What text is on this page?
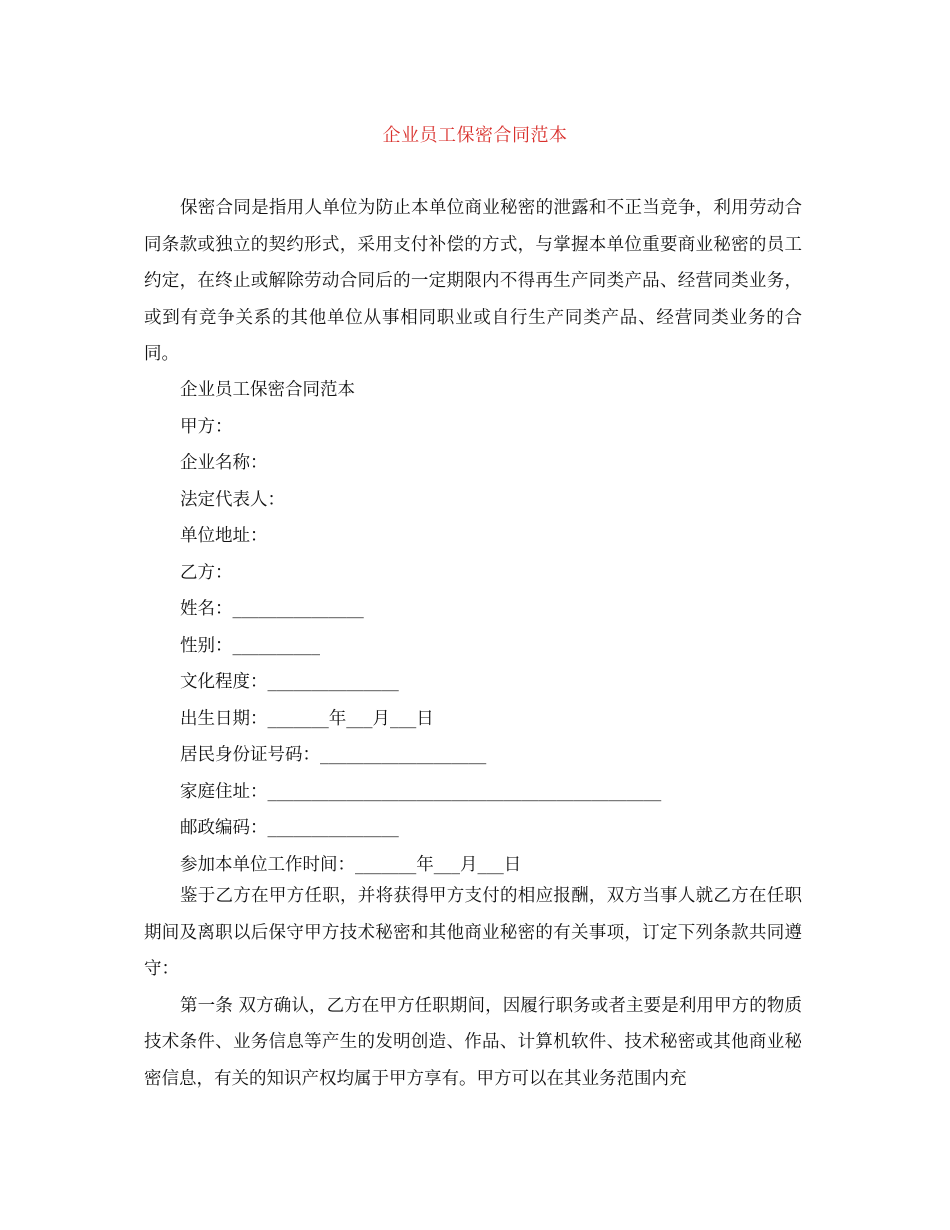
企业员工保密合同范本

保密合同是指用人单位为防止本单位商业秘密的泄露和不正当竞争，利用劳动合同条款或独立的契约形式，采用支付补偿的方式，与掌握本单位重要商业秘密的员工约定，在终止或解除劳动合同后的一定期限内不得再生产同类产品、经营同类业务，或到有竞争关系的其他单位从事相同职业或自行生产同类产品、经营同类业务的合同。

企业员工保密合同范本

甲方：

企业名称：

法定代表人：

单位地址：

乙方：

姓名：_______________

性别：__________

文化程度：_______________

出生日期：_______年___月___日

居民身份证号码：___________________

家庭住址：_____________________________________________

邮政编码：_______________

参加本单位工作时间：_______年___月___日

鉴于乙方在甲方任职，并将获得甲方支付的相应报酬，双方当事人就乙方在任职期间及离职以后保守甲方技术秘密和其他商业秘密的有关事项，订定下列条款共同遵守：

第一条 双方确认，乙方在甲方任职期间，因履行职务或者主要是利用甲方的物质技术条件、业务信息等产生的发明创造、作品、计算机软件、技术秘密或其他商业秘密信息，有关的知识产权均属于甲方享有。甲方可以在其业务范围内充
